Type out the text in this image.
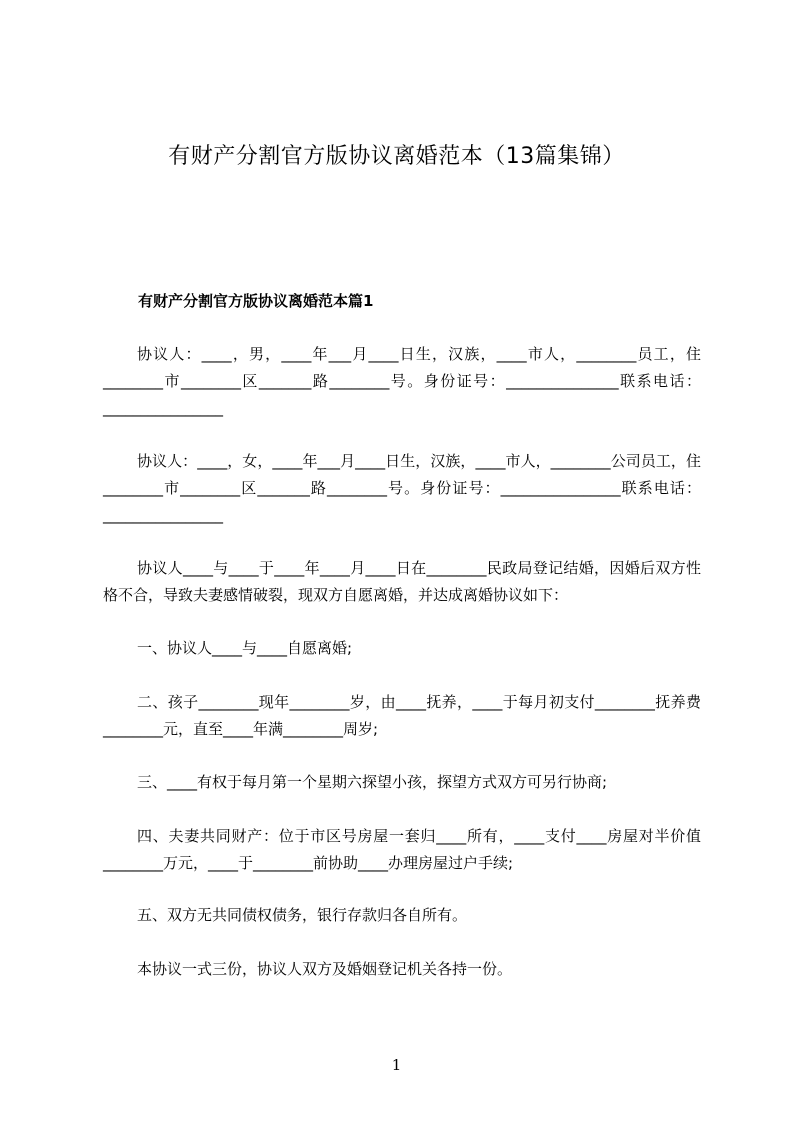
有财产分割官方版协议离婚范本（13篇集锦）
有财产分割官方版协议离婚范本篇1

协议人：____，男，____年___月____日生，汉族，____市人，________员工，住________市________区_______路________号。身份证号：_______________联系电话：________________

协议人：____，女，____年___月____日生，汉族，____市人，________公司员工，住________市________区_______路________号。身份证号：________________联系电话：________________

协议人____与____于____年____月____日在________民政局登记结婚，因婚后双方性格不合，导致夫妻感情破裂，现双方自愿离婚，并达成离婚协议如下：

一、协议人____与____自愿离婚;

二、孩子________现年________岁，由____抚养，____于每月初支付________抚养费________元，直至____年满________周岁;

三、____有权于每月第一个星期六探望小孩，探望方式双方可另行协商;

四、夫妻共同财产：位于市区号房屋一套归____所有，____支付____房屋对半价值________万元，____于________前协助____办理房屋过户手续;

五、双方无共同债权债务，银行存款归各自所有。

本协议一式三份，协议人双方及婚姻登记机关各持一份。

1
